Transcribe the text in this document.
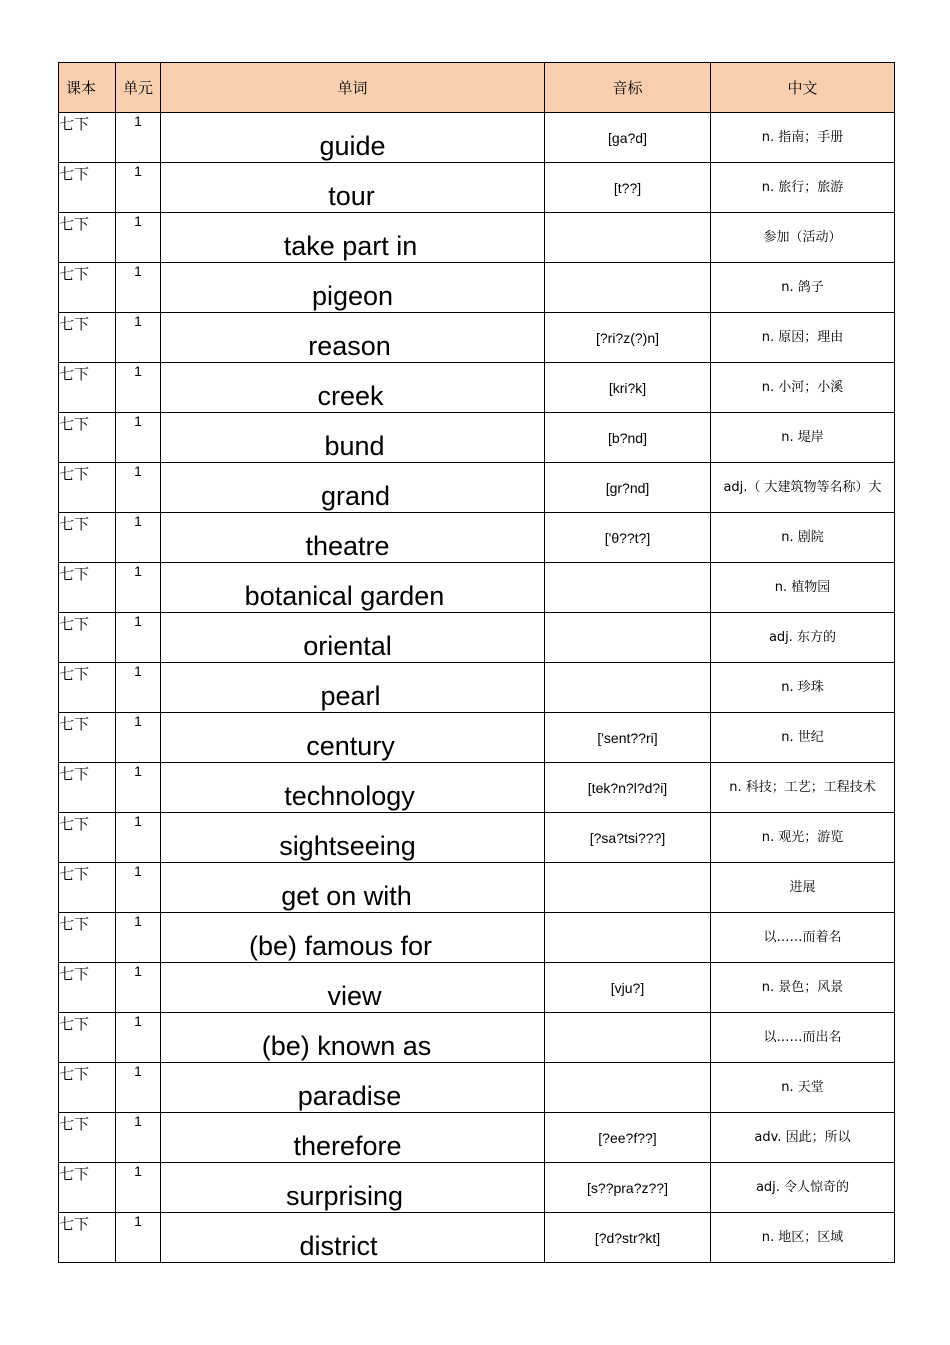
课本	单元	单词	音标	中文
七下	1	guide	[ga?d]	n. 指南；手册
七下	1	tour	[t??]	n. 旅行；旅游
七下	1	take part in		参加（活动）
七下	1	pigeon		n. 鸽子
七下	1	reason	[?ri?z(?)n]	n. 原因；理由
七下	1	creek	[kri?k]	n. 小河；小溪
七下	1	bund	[b?nd]	n. 堤岸
七下	1	grand	[gr?nd]	adj.（ 大建筑物等名称）大
七下	1	theatre	['θ??t?]	n. 剧院
七下	1	botanical garden		n. 植物园
七下	1	oriental		adj. 东方的
七下	1	pearl		n. 珍珠
七下	1	century	['sent??ri]	n. 世纪
七下	1	technology	[tek?n?l?d?i]	n. 科技；工艺；工程技术
七下	1	sightseeing	[?sa?tsi???]	n. 观光；游览
七下	1	get on with		进展
七下	1	(be) famous for		以……而着名
七下	1	view	[vju?]	n. 景色；风景
七下	1	(be) known as		以……而出名
七下	1	paradise		n. 天堂
七下	1	therefore	[?ee?f??]	adv. 因此；所以
七下	1	surprising	[s??pra?z??]	adj. 令人惊奇的
七下	1	district	[?d?str?kt]	n. 地区；区域
